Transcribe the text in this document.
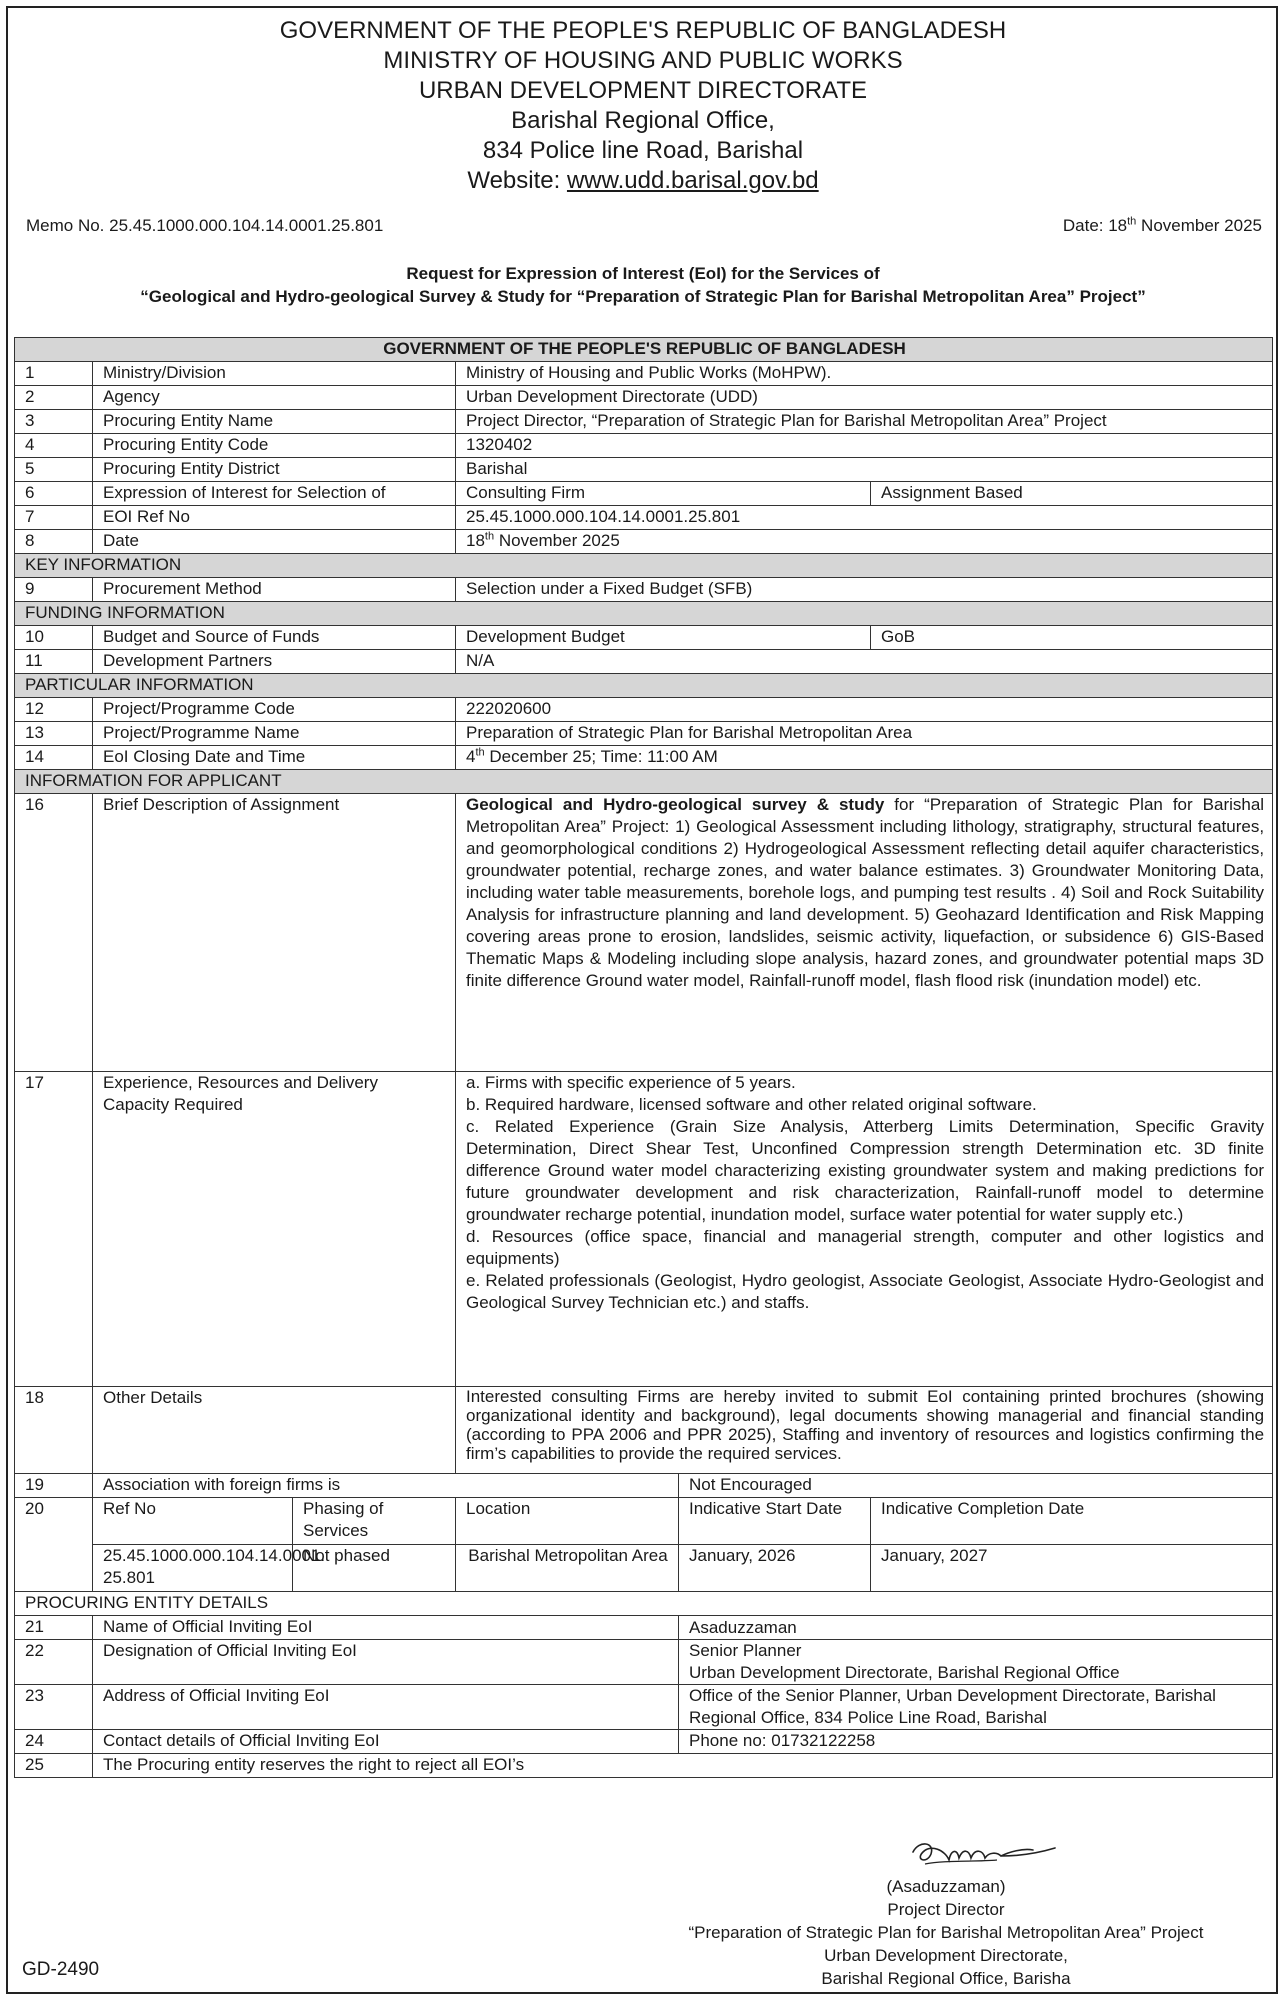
GOVERNMENT OF THE PEOPLE'S REPUBLIC OF BANGLADESH
MINISTRY OF HOUSING AND PUBLIC WORKS
URBAN DEVELOPMENT DIRECTORATE
Barishal Regional Office,
834 Police line Road, Barishal
Website: www.udd.barisal.gov.bd
Memo No. 25.45.1000.000.104.14.0001.25.801	Date: 18th November 2025
Request for Expression of Interest (EoI) for the Services of
“Geological and Hydro-geological Survey & Study for “Preparation of Strategic Plan for Barishal Metropolitan Area” Project”
GOVERNMENT OF THE PEOPLE'S REPUBLIC OF BANGLADESH					
1	Ministry/Division		Ministry of Housing and Public Works (MoHPW).		
2	Agency		Urban Development Directorate (UDD)		
3	Procuring Entity Name		Project Director, “Preparation of Strategic Plan for Barishal Metropolitan Area” Project		
4	Procuring Entity Code		1320402		
5	Procuring Entity District		Barishal		
6	Expression of Interest for Selection of		Consulting Firm		Assignment Based
7	EOI Ref No		25.45.1000.000.104.14.0001.25.801		
8	Date		18th November 2025		
KEY INFORMATION					
9	Procurement Method		Selection under a Fixed Budget (SFB)		
FUNDING INFORMATION					
10	Budget and Source of Funds		Development Budget		GoB
11	Development Partners		N/A		
PARTICULAR INFORMATION					
12	Project/Programme Code		222020600		
13	Project/Programme Name		Preparation of Strategic Plan for Barishal Metropolitan Area		
14	EoI Closing Date and Time		4th December 25; Time: 11:00 AM		
INFORMATION FOR APPLICANT					
16	Brief Description of Assignment		Geological and Hydro-geological survey & study for “Preparation of Strategic Plan for Barishal Metropolitan Area” Project: 1) Geological Assessment including lithology, stratigraphy, structural features, and geomorphological conditions 2) Hydrogeological Assessment reflecting detail aquifer characteristics, groundwater potential, recharge zones, and water balance estimates. 3) Groundwater Monitoring Data, including water table measurements, borehole logs, and pumping test results . 4) Soil and Rock Suitability Analysis for infrastructure planning and land development. 5) Geohazard Identification and Risk Mapping covering areas prone to erosion, landslides, seismic activity, liquefaction, or subsidence 6) GIS-Based Thematic Maps & Modeling including slope analysis, hazard zones, and groundwater potential maps 3D finite difference Ground water model, Rainfall-runoff model, flash flood risk (inundation model) etc.		
17	Experience, Resources and Delivery Capacity Required		a. Firms with specific experience of 5 years.
b. Required hardware, licensed software and other related original software.
c. Related Experience (Grain Size Analysis, Atterberg Limits Determination, Specific Gravity Determination, Direct Shear Test, Unconfined Compression strength Determination etc. 3D finite difference Ground water model characterizing existing groundwater system and making predictions for future groundwater development and risk characterization, Rainfall-runoff model to determine groundwater recharge potential, inundation model, surface water potential for water supply etc.)
d. Resources (office space, financial and managerial strength, computer and other logistics and equipments)
e. Related professionals (Geologist, Hydro geologist, Associate Geologist, Associate Hydro-Geologist and Geological Survey Technician etc.) and staffs.		

18	Other Details		Interested consulting Firms are hereby invited to submit EoI containing printed brochures (showing organizational identity and background), legal documents showing managerial and financial standing (according to PPA 2006 and PPR 2025), Staffing and inventory of resources and logistics confirming the firm’s capabilities to provide the required services.		
19	Association with foreign firms is			Not Encouraged	
20	Ref No	Phasing of Services	Location	Indicative Start Date	Indicative Completion Date
	25.45.1000.000.104.14.0001. 25.801	Not phased	Barishal Metropolitan Area	January, 2026	January, 2027
PROCURING ENTITY DETAILS					
21	Name of Official Inviting EoI			Asaduzzaman	
22	Designation of Official Inviting EoI			Senior Planner
Urban Development Directorate, Barishal Regional Office	

23	Address of Official Inviting EoI			Office of the Senior Planner, Urban Development Directorate, Barishal Regional Office, 834 Police Line Road, Barishal	
24	Contact details of Official Inviting EoI			Phone no: 01732122258	
25	The Procuring entity reserves the right to reject all EOI’s				
(Asaduzzaman)
Project Director
“Preparation of Strategic Plan for Barishal Metropolitan Area” Project
Urban Development Directorate,
Barishal Regional Office, Barisha
GD-2490
